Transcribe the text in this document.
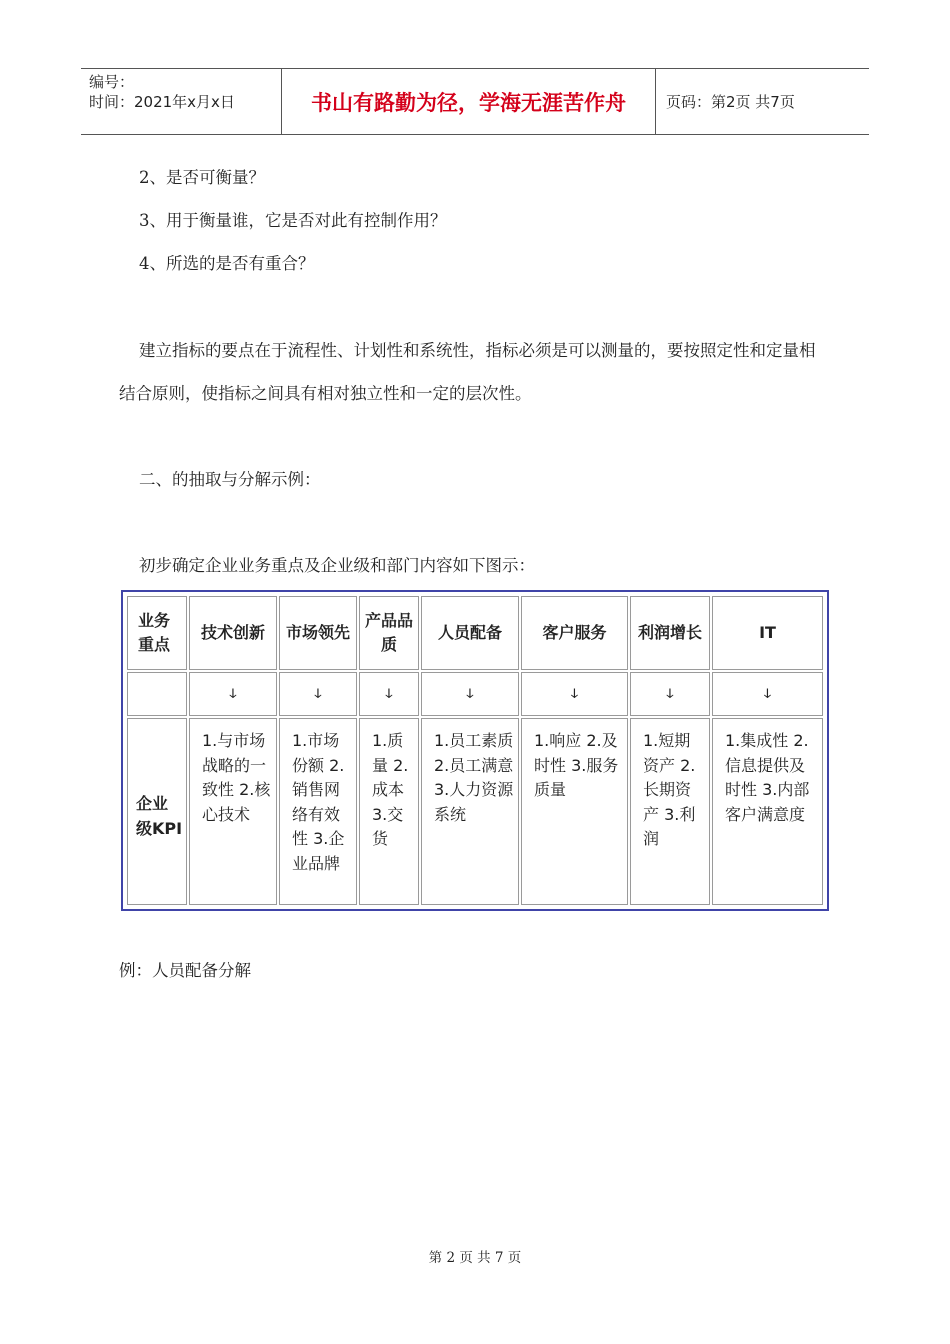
编号：
时间：2021年x月x日	书山有路勤为径，学海无涯苦作舟	页码：第2页 共7页
2、是否可衡量？
3、用于衡量谁，它是否对此有控制作用？
4、所选的是否有重合？
建立指标的要点在于流程性、计划性和系统性，指标必须是可以测量的，要按照定性和定量相结合原则，使指标之间具有相对独立性和一定的层次性。
二、的抽取与分解示例：
初步确定企业业务重点及企业级和部门内容如下图示：
业务重点	技术创新	市场领先	产品品质	人员配备	客户服务	利润增长	IT
	ↆ	ↆ	ↆ	ↆ	ↆ	ↆ	ↆ
企业级KPI	1.与市场战略的一致性 2.核心技术	1.市场份额 2.销售网络有效性 3.企业品牌	1.质量 2.成本 3.交货	1.员工素质 2.员工满意 3.人力资源系统	1.响应 2.及时性 3.服务质量	1.短期资产 2.长期资产 3.利润	1.集成性 2.信息提供及时性 3.内部客户满意度
例：人员配备分解
第 2 页 共 7 页
